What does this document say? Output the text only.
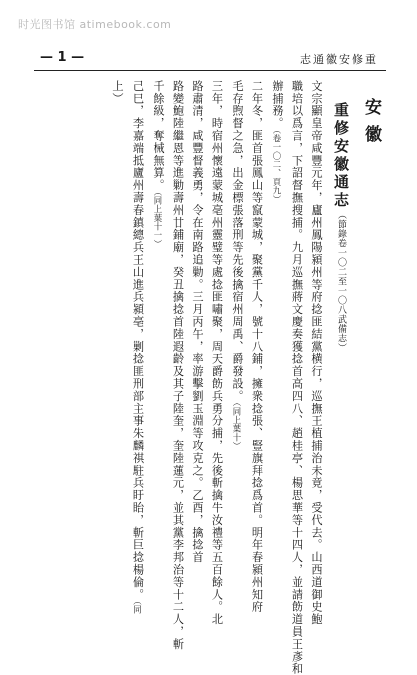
时光图书馆 atimebook.com
— 1 —	志通徽安修重
安徽
重修安徽通志（節錄卷一〇二至一〇八武備志）
文宗顯皇帝咸豐元年，廬州鳳陽潁州等府捻匪結黨横行，巡撫王植捕治未竟，受代去。山西道御史鮑
職培以爲言，下詔督撫搜捕。九月巡撫蔣文慶奏獲捻首高四八、趙桂亭、楊思華等十四人，並請飭道員王彥和
辦捕務。（卷一〇二、頁九）
二年冬，匪首張鳳山等竄蒙城，聚黨千人，號十八鋪，擁衆捻張、豎旗拜捻爲首。明年春潁州知府
毛存煦督之急，出金標張落刑等先後擒宿州周禹、爵發設。（同上葉十）
三年，時宿州懷遠蒙城亳州靈璧等處捻匪嘯聚，周天爵飭兵勇分捕，先後斬擒牛汝禮等五百餘人。北
路肅清，咸豐督義勇，令在南路追勦。三月丙午，率游擊劉玉淵等攻克之。乙酉，擒捻首
路變鮑陸繼恩等進勦壽州廿鋪廟，癸丑擒捻首陸遐齡及其子陸奎，奎陸蓮元，並其黨李邦治等十二人，斬
千餘級，奪械無算。（同上葉十一）
己巳，李嘉端抵廬州壽春鎮總兵王山進兵潁亳，剿捻匪刑部主事朱麟祺駐兵盱眙，斬巨捻楊倫。（同
上）
